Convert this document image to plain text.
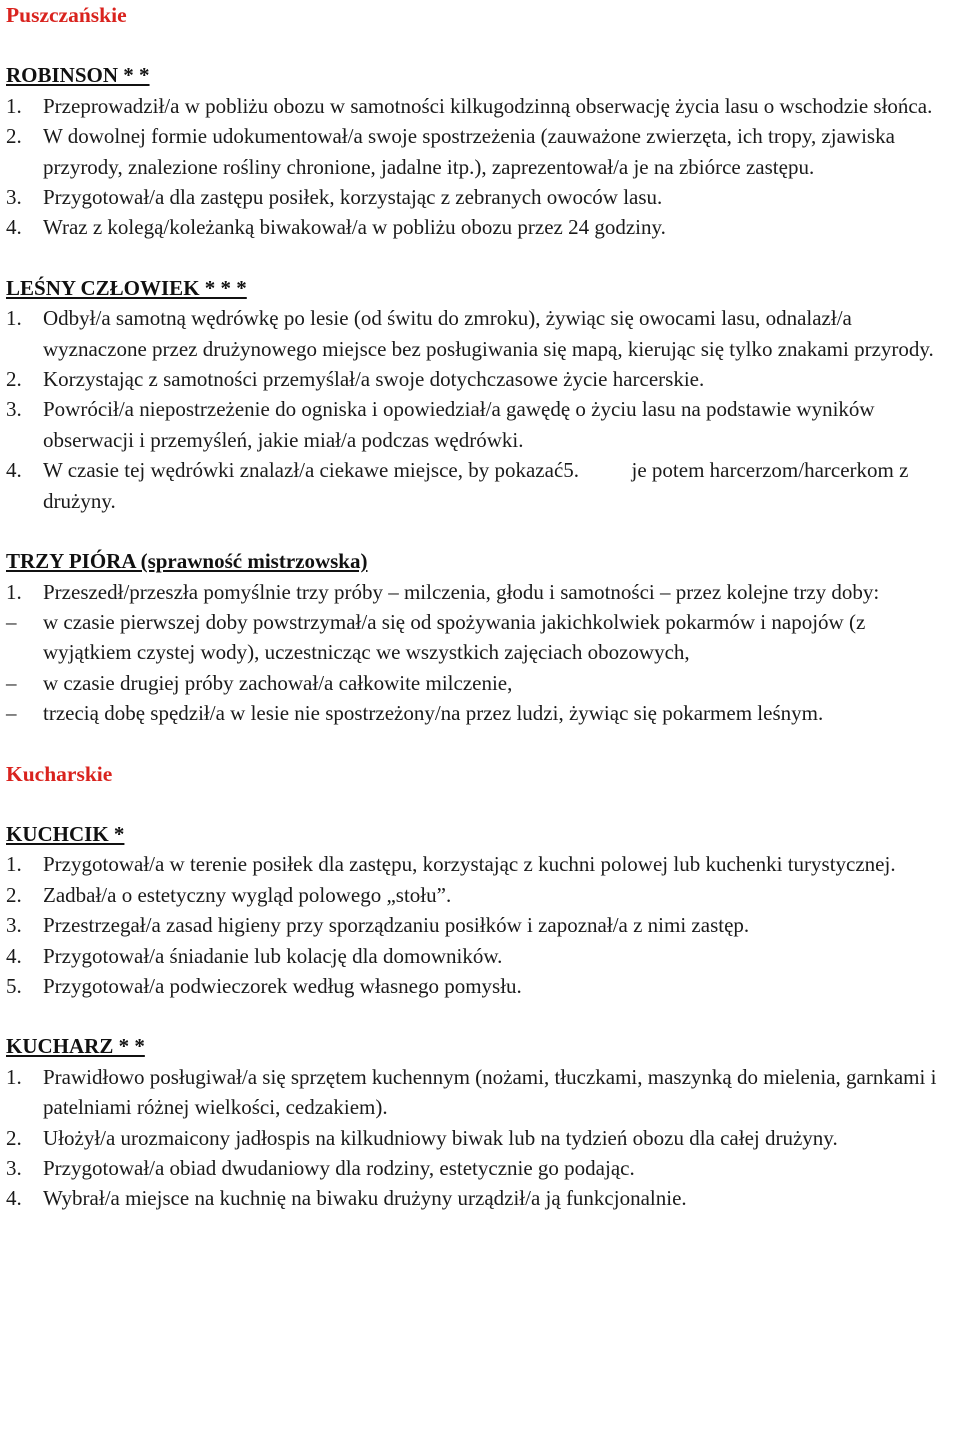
Puszczańskie

ROBINSON * *

1.	Przeprowadził/a w pobliżu obozu w samotności kilkugodzinną obserwację życia lasu o wschodzie słońca.
2.	W dowolnej formie udokumentował/a swoje spostrzeżenia (zauważone zwierzęta, ich tropy, zjawiska przyrody, znalezione rośliny chronione, jadalne itp.), zaprezentował/a je na zbiórce zastępu.
3.	Przygotował/a dla zastępu posiłek, korzystając z zebranych owoców lasu.
4.	Wraz z kolegą/koleżanką biwakował/a w pobliżu obozu przez 24 godziny.

LEŚNY CZŁOWIEK * * *

1.	Odbył/a samotną wędrówkę po lesie (od świtu do zmroku), żywiąc się owocami lasu, odnalazł/a wyznaczone przez drużynowego miejsce bez posługiwania się mapą, kierując się tylko znakami przyrody.
2.	Korzystając z samotności przemyślał/a swoje dotychczasowe życie harcerskie.
3.	Powrócił/a niepostrzeżenie do ogniska i opowiedział/a gawędę o życiu lasu na podstawie wyników obserwacji i przemyśleń, jakie miał/a podczas wędrówki.
4.	W czasie tej wędrówki znalazł/a ciekawe miejsce, by pokazać5.          je potem harcerzom/harcerkom z drużyny.

TRZY PIÓRA (sprawność mistrzowska)

1.	Przeszedł/przeszła pomyślnie trzy próby – milczenia, głodu i samotności – przez kolejne trzy doby:
–	w czasie pierwszej doby powstrzymał/a się od spożywania jakichkolwiek pokarmów i napojów (z wyjątkiem czystej wody), uczestnicząc we wszystkich zajęciach obozowych,
–	w czasie drugiej próby zachował/a całkowite milczenie,
–	trzecią dobę spędził/a w lesie nie spostrzeżony/na przez ludzi, żywiąc się pokarmem leśnym.

Kucharskie

KUCHCIK *

1.	Przygotował/a w terenie posiłek dla zastępu, korzystając z kuchni polowej lub kuchenki turystycznej.
2.	Zadbał/a o estetyczny wygląd polowego „stołu”.
3.	Przestrzegał/a zasad higieny przy sporządzaniu posiłków i zapoznał/a z nimi zastęp.
4.	Przygotował/a śniadanie lub kolację dla domowników.
5.	Przygotował/a podwieczorek według własnego pomysłu.

KUCHARZ * *

1.	Prawidłowo posługiwał/a się sprzętem kuchennym (nożami, tłuczkami, maszynką do mielenia, garnkami i patelniami różnej wielkości, cedzakiem).
2.	Ułożył/a urozmaicony jadłospis na kilkudniowy biwak lub na tydzień obozu dla całej drużyny.
3.	Przygotował/a obiad dwudaniowy dla rodziny, estetycznie go podając.
4.	Wybrał/a miejsce na kuchnię na biwaku drużyny urządził/a ją funkcjonalnie.
